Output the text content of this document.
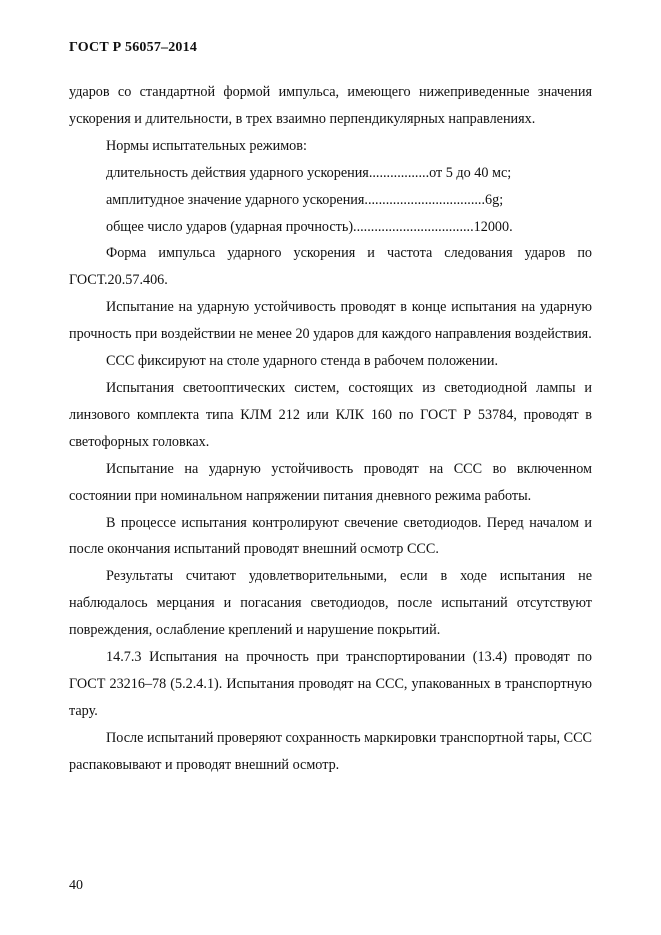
ГОСТ Р 56057–2014

ударов со стандартной формой импульса, имеющего нижеприведенные значения ускорения и длительности, в трех взаимно перпендикулярных направлениях.

Нормы испытательных режимов:

длительность действия ударного ускорения.................от 5 до 40 мс;

амплитудное значение ударного ускорения..................................6g;

общее число ударов (ударная прочность)..................................12000.

Форма импульса ударного ускорения и частота следования ударов по ГОСТ.20.57.406.

Испытание на ударную устойчивость проводят в конце испытания на ударную прочность при воздействии не менее 20 ударов для каждого направления воздействия.

ССС фиксируют на столе ударного стенда в рабочем положении.

Испытания светооптических систем, состоящих из светодиодной лампы и линзового комплекта типа КЛМ 212 или КЛК 160 по ГОСТ Р 53784, проводят в светофорных головках.

Испытание на ударную устойчивость проводят на ССС во включенном состоянии при номинальном напряжении питания дневного режима работы.

В процессе испытания контролируют свечение светодиодов. Перед началом и после окончания испытаний проводят внешний осмотр ССС.

Результаты считают удовлетворительными, если в ходе испытания не наблюдалось мерцания и погасания светодиодов, после испытаний отсутствуют повреждения, ослабление креплений и нарушение покрытий.

14.7.3 Испытания на прочность при транспортировании (13.4) проводят по ГОСТ 23216–78 (5.2.4.1). Испытания проводят на ССС, упакованных в транспортную тару.

После испытаний проверяют сохранность маркировки транспортной тары, ССС распаковывают и проводят внешний осмотр.

40
